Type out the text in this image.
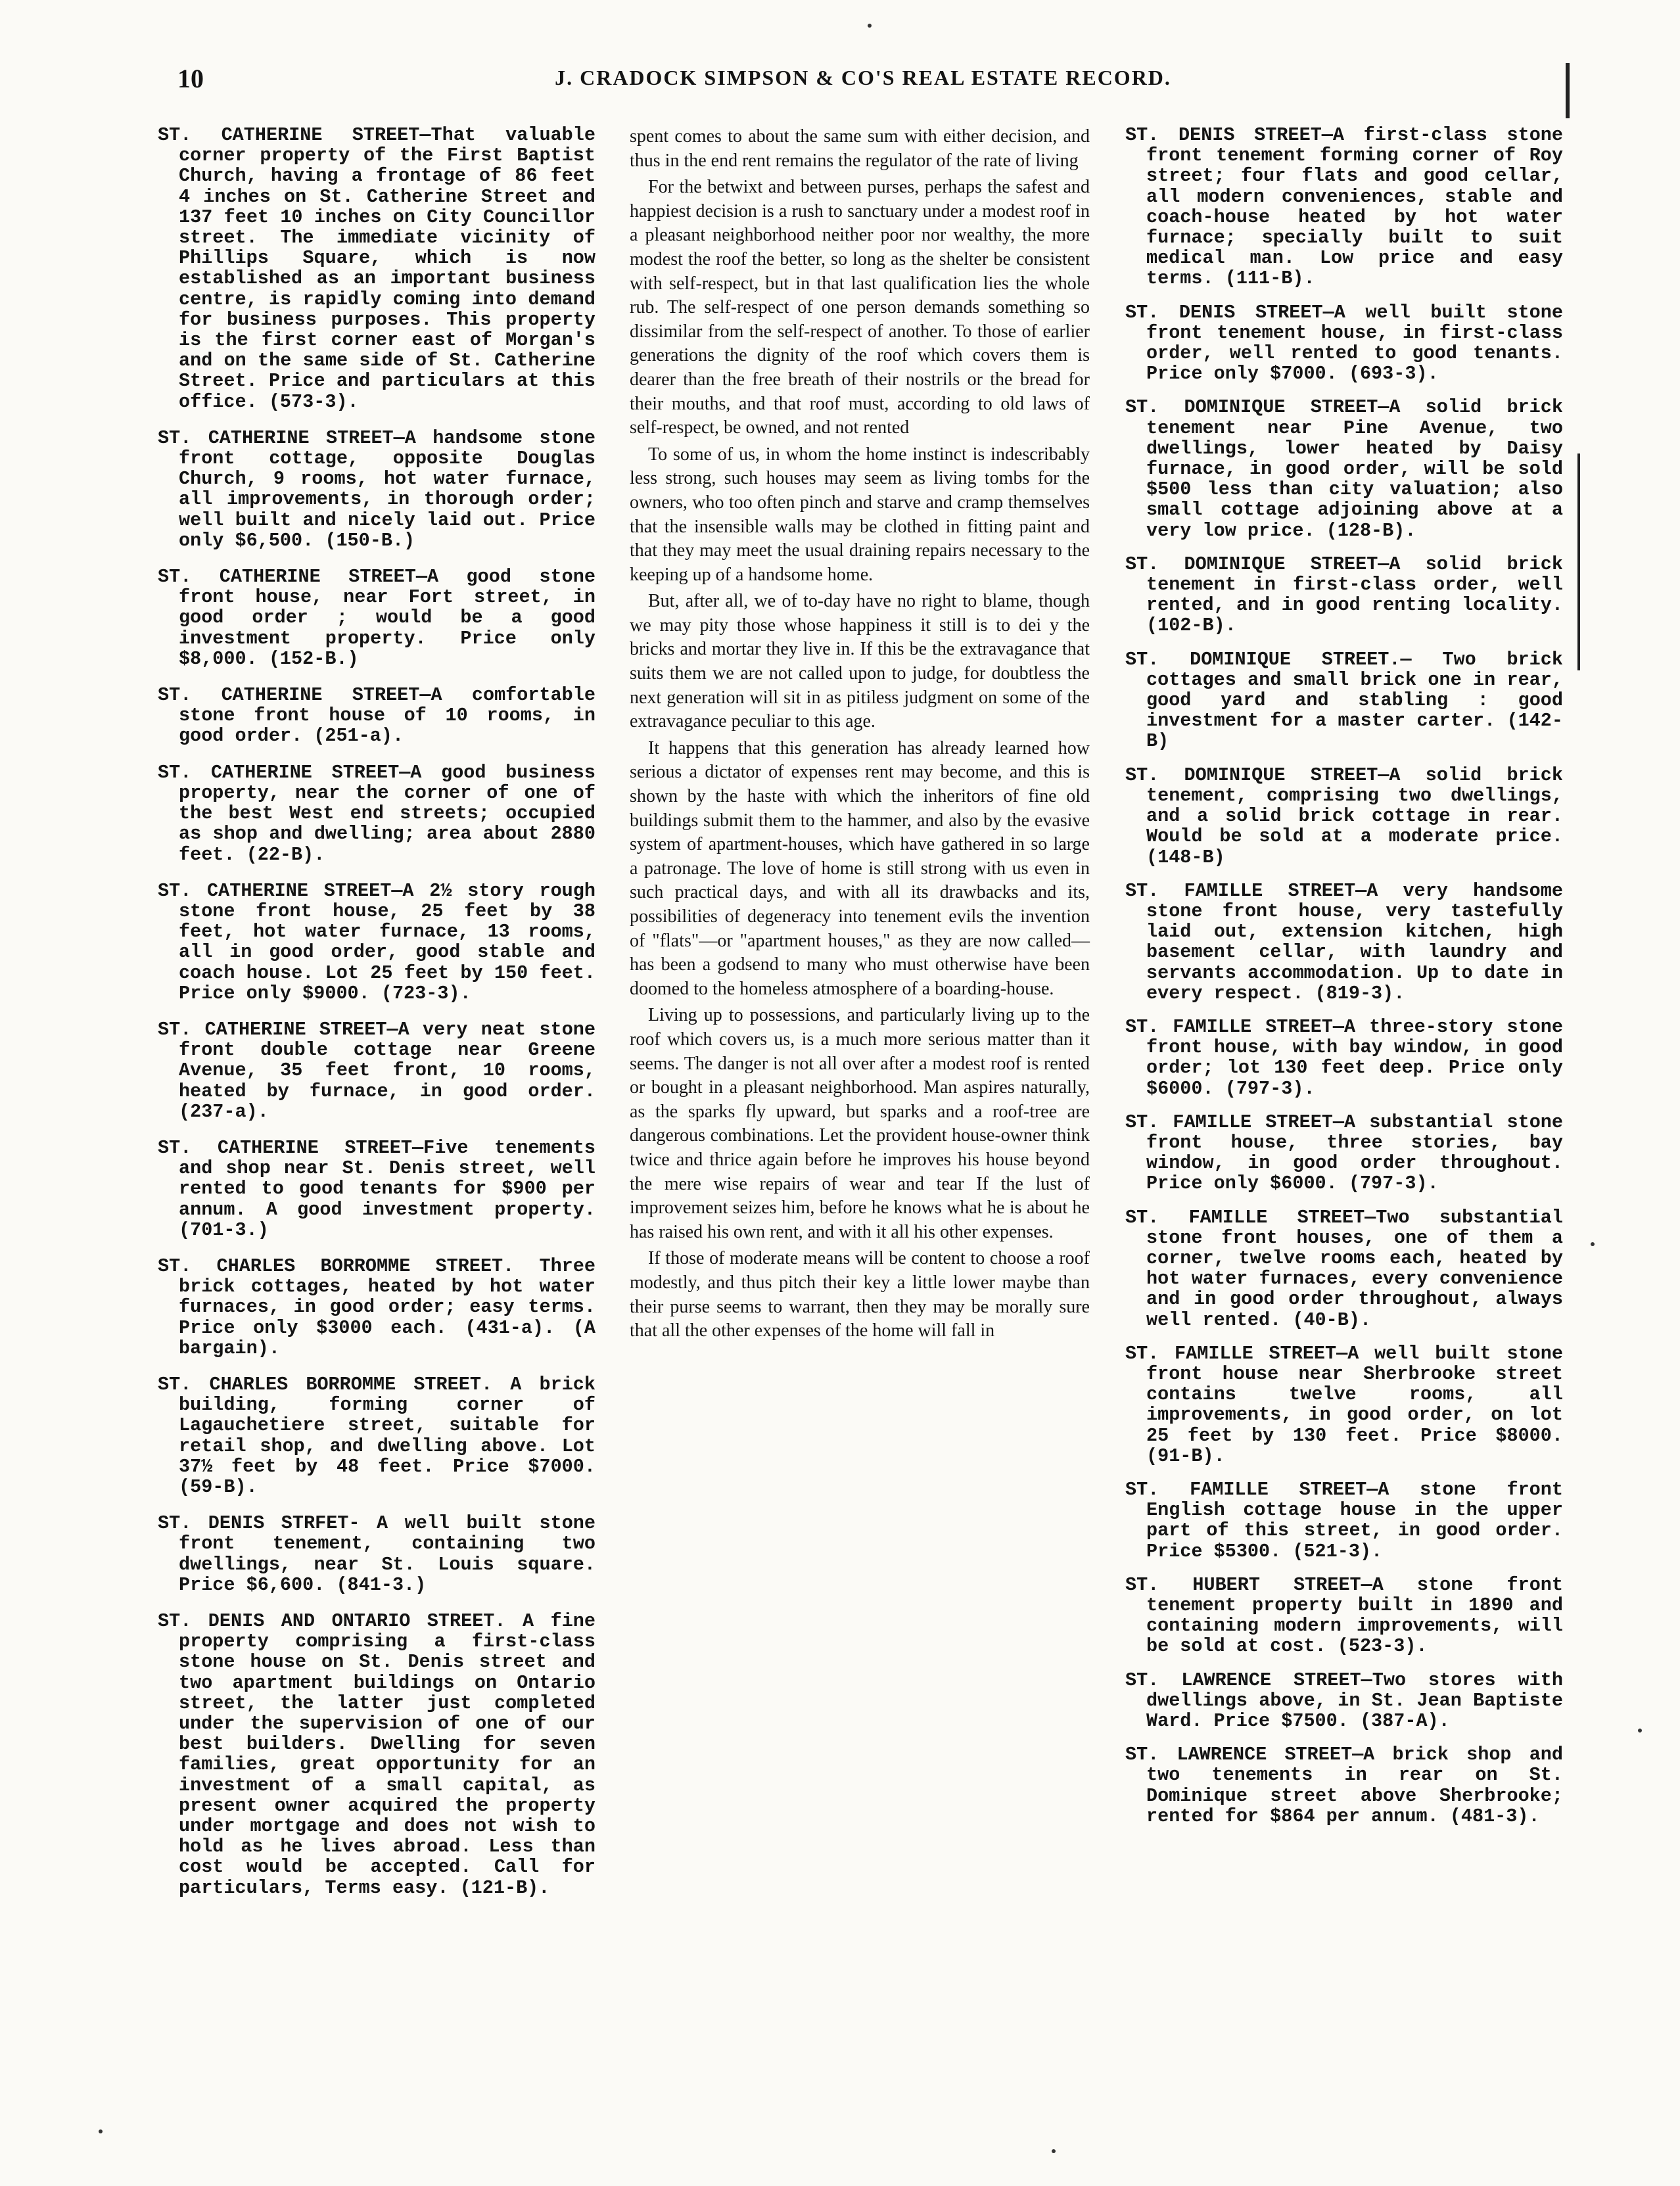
10	J. CRADOCK SIMPSON & CO'S REAL ESTATE RECORD.

ST. CATHERINE STREET—That valuable corner property of the First Baptist Church, having a frontage of 86 feet 4 inches on St. Catherine Street and 137 feet 10 inches on City Councillor street. The immediate vicinity of Phillips Square, which is now established as an important business centre, is rapidly coming into demand for business purposes. This property is the first corner east of Morgan's and on the same side of St. Catherine Street. Price and particulars at this office. (573-3).

ST. CATHERINE STREET—A handsome stone front cottage, opposite Douglas Church, 9 rooms, hot water furnace, all improvements, in thorough order; well built and nicely laid out. Price only $6,500. (150-B.)

ST. CATHERINE STREET—A good stone front house, near Fort street, in good order ; would be a good investment property. Price only $8,000. (152-B.)

ST. CATHERINE STREET—A comfortable stone front house of 10 rooms, in good order. (251-a).

ST. CATHERINE STREET—A good business property, near the corner of one of the best West end streets; occupied as shop and dwelling; area about 2880 feet. (22-B).

ST. CATHERINE STREET—A 2½ story rough stone front house, 25 feet by 38 feet, hot water furnace, 13 rooms, all in good order, good stable and coach house. Lot 25 feet by 150 feet. Price only $9000. (723-3).

ST. CATHERINE STREET—A very neat stone front double cottage near Greene Avenue, 35 feet front, 10 rooms, heated by furnace, in good order. (237-a).

ST. CATHERINE STREET—Five tenements and shop near St. Denis street, well rented to good tenants for $900 per annum. A good investment property. (701-3.)

ST. CHARLES BORROMME STREET. Three brick cottages, heated by hot water furnaces, in good order; easy terms. Price only $3000 each. (431-a). (A bargain).

ST. CHARLES BORROMME STREET. A brick building, forming corner of Lagauchetiere street, suitable for retail shop, and dwelling above. Lot 37½ feet by 48 feet. Price $7000. (59-B).

ST. DENIS STRFET- A well built stone front tenement, containing two dwellings, near St. Louis square. Price $6,600. (841-3.)

ST. DENIS AND ONTARIO STREET. A fine property comprising a first-class stone house on St. Denis street and two apartment buildings on Ontario street, the latter just completed under the supervision of one of our best builders. Dwelling for seven families, great opportunity for an investment of a small capital, as present owner acquired the property under mortgage and does not wish to hold as he lives abroad. Less than cost would be accepted. Call for particulars, Terms easy. (121-B).

spent comes to about the same sum with either decision, and thus in the end rent remains the regulator of the rate of living

For the betwixt and between purses, perhaps the safest and happiest decision is a rush to sanctuary under a modest roof in a pleasant neighborhood neither poor nor wealthy, the more modest the roof the better, so long as the shelter be consistent with self-respect, but in that last qualification lies the whole rub. The self-respect of one person demands something so dissimilar from the self-respect of another. To those of earlier generations the dignity of the roof which covers them is dearer than the free breath of their nostrils or the bread for their mouths, and that roof must, according to old laws of self-respect, be owned, and not rented

To some of us, in whom the home instinct is indescribably less strong, such houses may seem as living tombs for the owners, who too often pinch and starve and cramp themselves that the insensible walls may be clothed in fitting paint and that they may meet the usual draining repairs necessary to the keeping up of a handsome home.

But, after all, we of to-day have no right to blame, though we may pity those whose happiness it still is to dei y the bricks and mortar they live in. If this be the extravagance that suits them we are not called upon to judge, for doubtless the next generation will sit in as pitiless judgment on some of the extravagance peculiar to this age.

It happens that this generation has already learned how serious a dictator of expenses rent may become, and this is shown by the haste with which the inheritors of fine old buildings submit them to the hammer, and also by the evasive system of apartment-houses, which have gathered in so large a patronage. The love of home is still strong with us even in such practical days, and with all its drawbacks and its, possibilities of degeneracy into tenement evils the invention of "flats"—or "apartment houses," as they are now called—has been a godsend to many who must otherwise have been doomed to the homeless atmosphere of a boarding-house.

Living up to possessions, and particularly living up to the roof which covers us, is a much more serious matter than it seems. The danger is not all over after a modest roof is rented or bought in a pleasant neighborhood. Man aspires naturally, as the sparks fly upward, but sparks and a roof-tree are dangerous combinations. Let the provident house-owner think twice and thrice again before he improves his house beyond the mere wise repairs of wear and tear If the lust of improvement seizes him, before he knows what he is about he has raised his own rent, and with it all his other expenses.

If those of moderate means will be content to choose a roof modestly, and thus pitch their key a little lower maybe than their purse seems to warrant, then they may be morally sure that all the other expenses of the home will fall in

ST. DENIS STREET—A first-class stone front tenement forming corner of Roy street; four flats and good cellar, all modern conveniences, stable and coach-house heated by hot water furnace; specially built to suit medical man. Low price and easy terms. (111-B).

ST. DENIS STREET—A well built stone front tenement house, in first-class order, well rented to good tenants. Price only $7000. (693-3).

ST. DOMINIQUE STREET—A solid brick tenement near Pine Avenue, two dwellings, lower heated by Daisy furnace, in good order, will be sold $500 less than city valuation; also small cottage adjoining above at a very low price. (128-B).

ST. DOMINIQUE STREET—A solid brick tenement in first-class order, well rented, and in good renting locality. (102-B).

ST. DOMINIQUE STREET.— Two brick cottages and small brick one in rear, good yard and stabling : good investment for a master carter. (142-B)

ST. DOMINIQUE STREET—A solid brick tenement, comprising two dwellings, and a solid brick cottage in rear. Would be sold at a moderate price. (148-B)

ST. FAMILLE STREET—A very handsome stone front house, very tastefully laid out, extension kitchen, high basement cellar, with laundry and servants accommodation. Up to date in every respect. (819-3).

ST. FAMILLE STREET—A three-story stone front house, with bay window, in good order; lot 130 feet deep. Price only $6000. (797-3).

ST. FAMILLE STREET—A substantial stone front house, three stories, bay window, in good order throughout. Price only $6000. (797-3).

ST. FAMILLE STREET—Two substantial stone front houses, one of them a corner, twelve rooms each, heated by hot water furnaces, every convenience and in good order throughout, always well rented. (40-B).

ST. FAMILLE STREET—A well built stone front house near Sherbrooke street contains twelve rooms, all improvements, in good order, on lot 25 feet by 130 feet. Price $8000. (91-B).

ST. FAMILLE STREET—A stone front English cottage house in the upper part of this street, in good order. Price $5300. (521-3).

ST. HUBERT STREET—A stone front tenement property built in 1890 and containing modern improvements, will be sold at cost. (523-3).

ST. LAWRENCE STREET—Two stores with dwellings above, in St. Jean Baptiste Ward. Price $7500. (387-A).

ST. LAWRENCE STREET—A brick shop and two tenements in rear on St. Dominique street above Sherbrooke; rented for $864 per annum. (481-3).
